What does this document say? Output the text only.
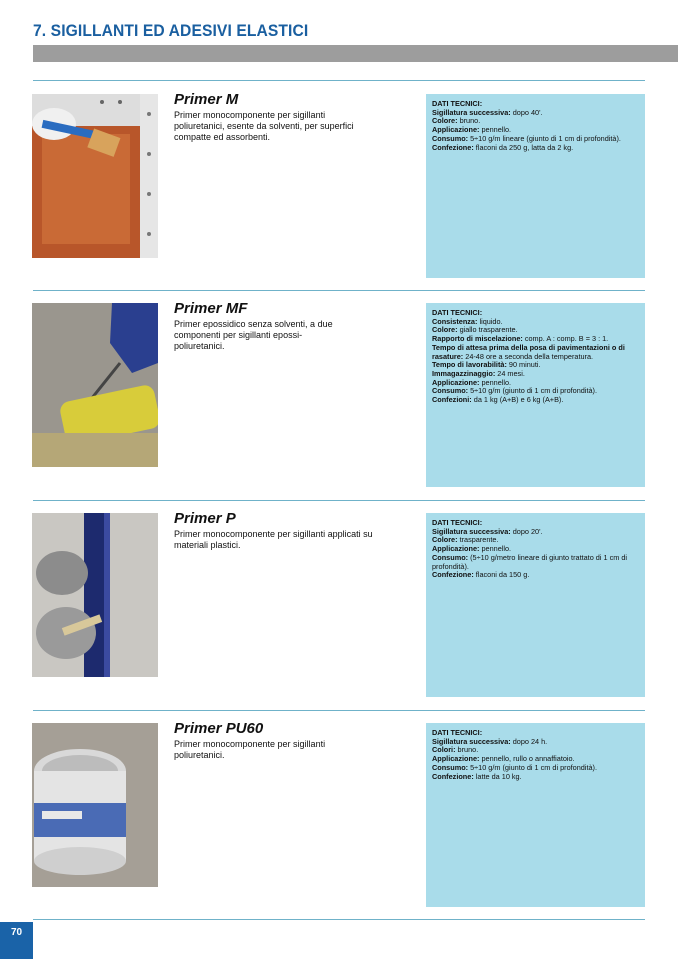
7. SIGILLANTI ED ADESIVI ELASTICI
Primer M
Primer monocomponente per sigillanti poliuretanici, esente da solventi, per superfici compatte ed assorbenti.
DATI TECNICI:
Sigillatura successiva: dopo 40'.
Colore: bruno.
Applicazione: pennello.
Consumo: 5÷10 g/m lineare (giunto di 1 cm di profondità).
Confezione: flaconi da 250 g, latta da 2 kg.
Primer MF
Primer epossidico senza solventi, a due componenti per sigillanti epossi-poliuretanici.
DATI TECNICI:
Consistenza: liquido.
Colore: giallo trasparente.
Rapporto di miscelazione: comp. A : comp. B = 3 : 1.
Tempo di attesa prima della posa di pavimentazioni o di rasature: 24-48 ore a seconda della temperatura.
Tempo di lavorabilità: 90 minuti.
Immagazzinaggio: 24 mesi.
Applicazione: pennello.
Consumo: 5÷10 g/m (giunto di 1 cm di profondità).
Confezioni: da 1 kg (A+B) e 6 kg (A+B).
Primer P
Primer monocomponente per sigillanti applicati su materiali plastici.
DATI TECNICI:
Sigillatura successiva: dopo 20'.
Colore: trasparente.
Applicazione: pennello.
Consumo: (5÷10 g/metro lineare di giunto trattato di 1 cm di profondità).
Confezione: flaconi da 150 g.
Primer PU60
Primer monocomponente per sigillanti poliuretanici.
DATI TECNICI:
Sigillatura successiva: dopo 24 h.
Colori: bruno.
Applicazione: pennello, rullo o annaffiatoio.
Consumo: 5÷10 g/m (giunto di 1 cm di profondità).
Confezione: latte da 10 kg.
70
